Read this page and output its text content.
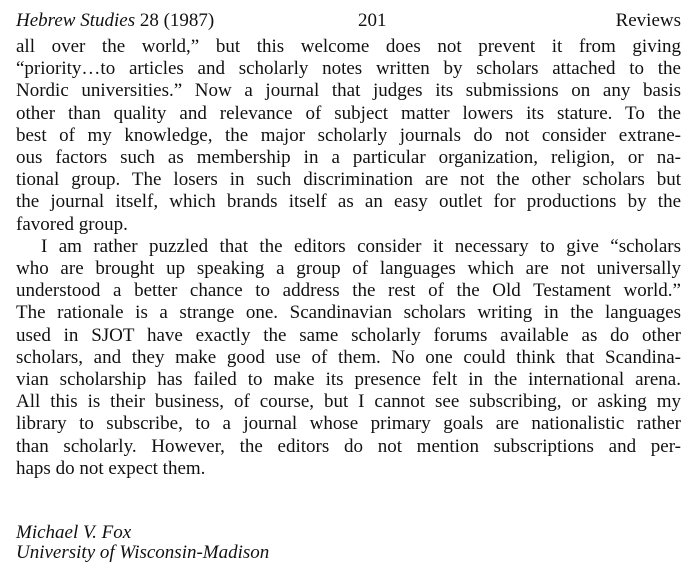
Hebrew Studies 28 (1987)	201	Reviews

all over the world,” but this welcome does not prevent it from giving
“priority…to articles and scholarly notes written by scholars attached to the
Nordic universities.” Now a journal that judges its submissions on any basis
other than quality and relevance of subject matter lowers its stature. To the
best of my knowledge, the major scholarly journals do not consider extrane-
ous factors such as membership in a particular organization, religion, or na-
tional group. The losers in such discrimination are not the other scholars but
the journal itself, which brands itself as an easy outlet for productions by the
favored group.

I am rather puzzled that the editors consider it necessary to give “scholars
who are brought up speaking a group of languages which are not universally
understood a better chance to address the rest of the Old Testament world.”
The rationale is a strange one. Scandinavian scholars writing in the languages
used in SJOT have exactly the same scholarly forums available as do other
scholars, and they make good use of them. No one could think that Scandina-
vian scholarship has failed to make its presence felt in the international arena.
All this is their business, of course, but I cannot see subscribing, or asking my
library to subscribe, to a journal whose primary goals are nationalistic rather
than scholarly. However, the editors do not mention subscriptions and per-
haps do not expect them.

Michael V. Fox
University of Wisconsin-Madison
